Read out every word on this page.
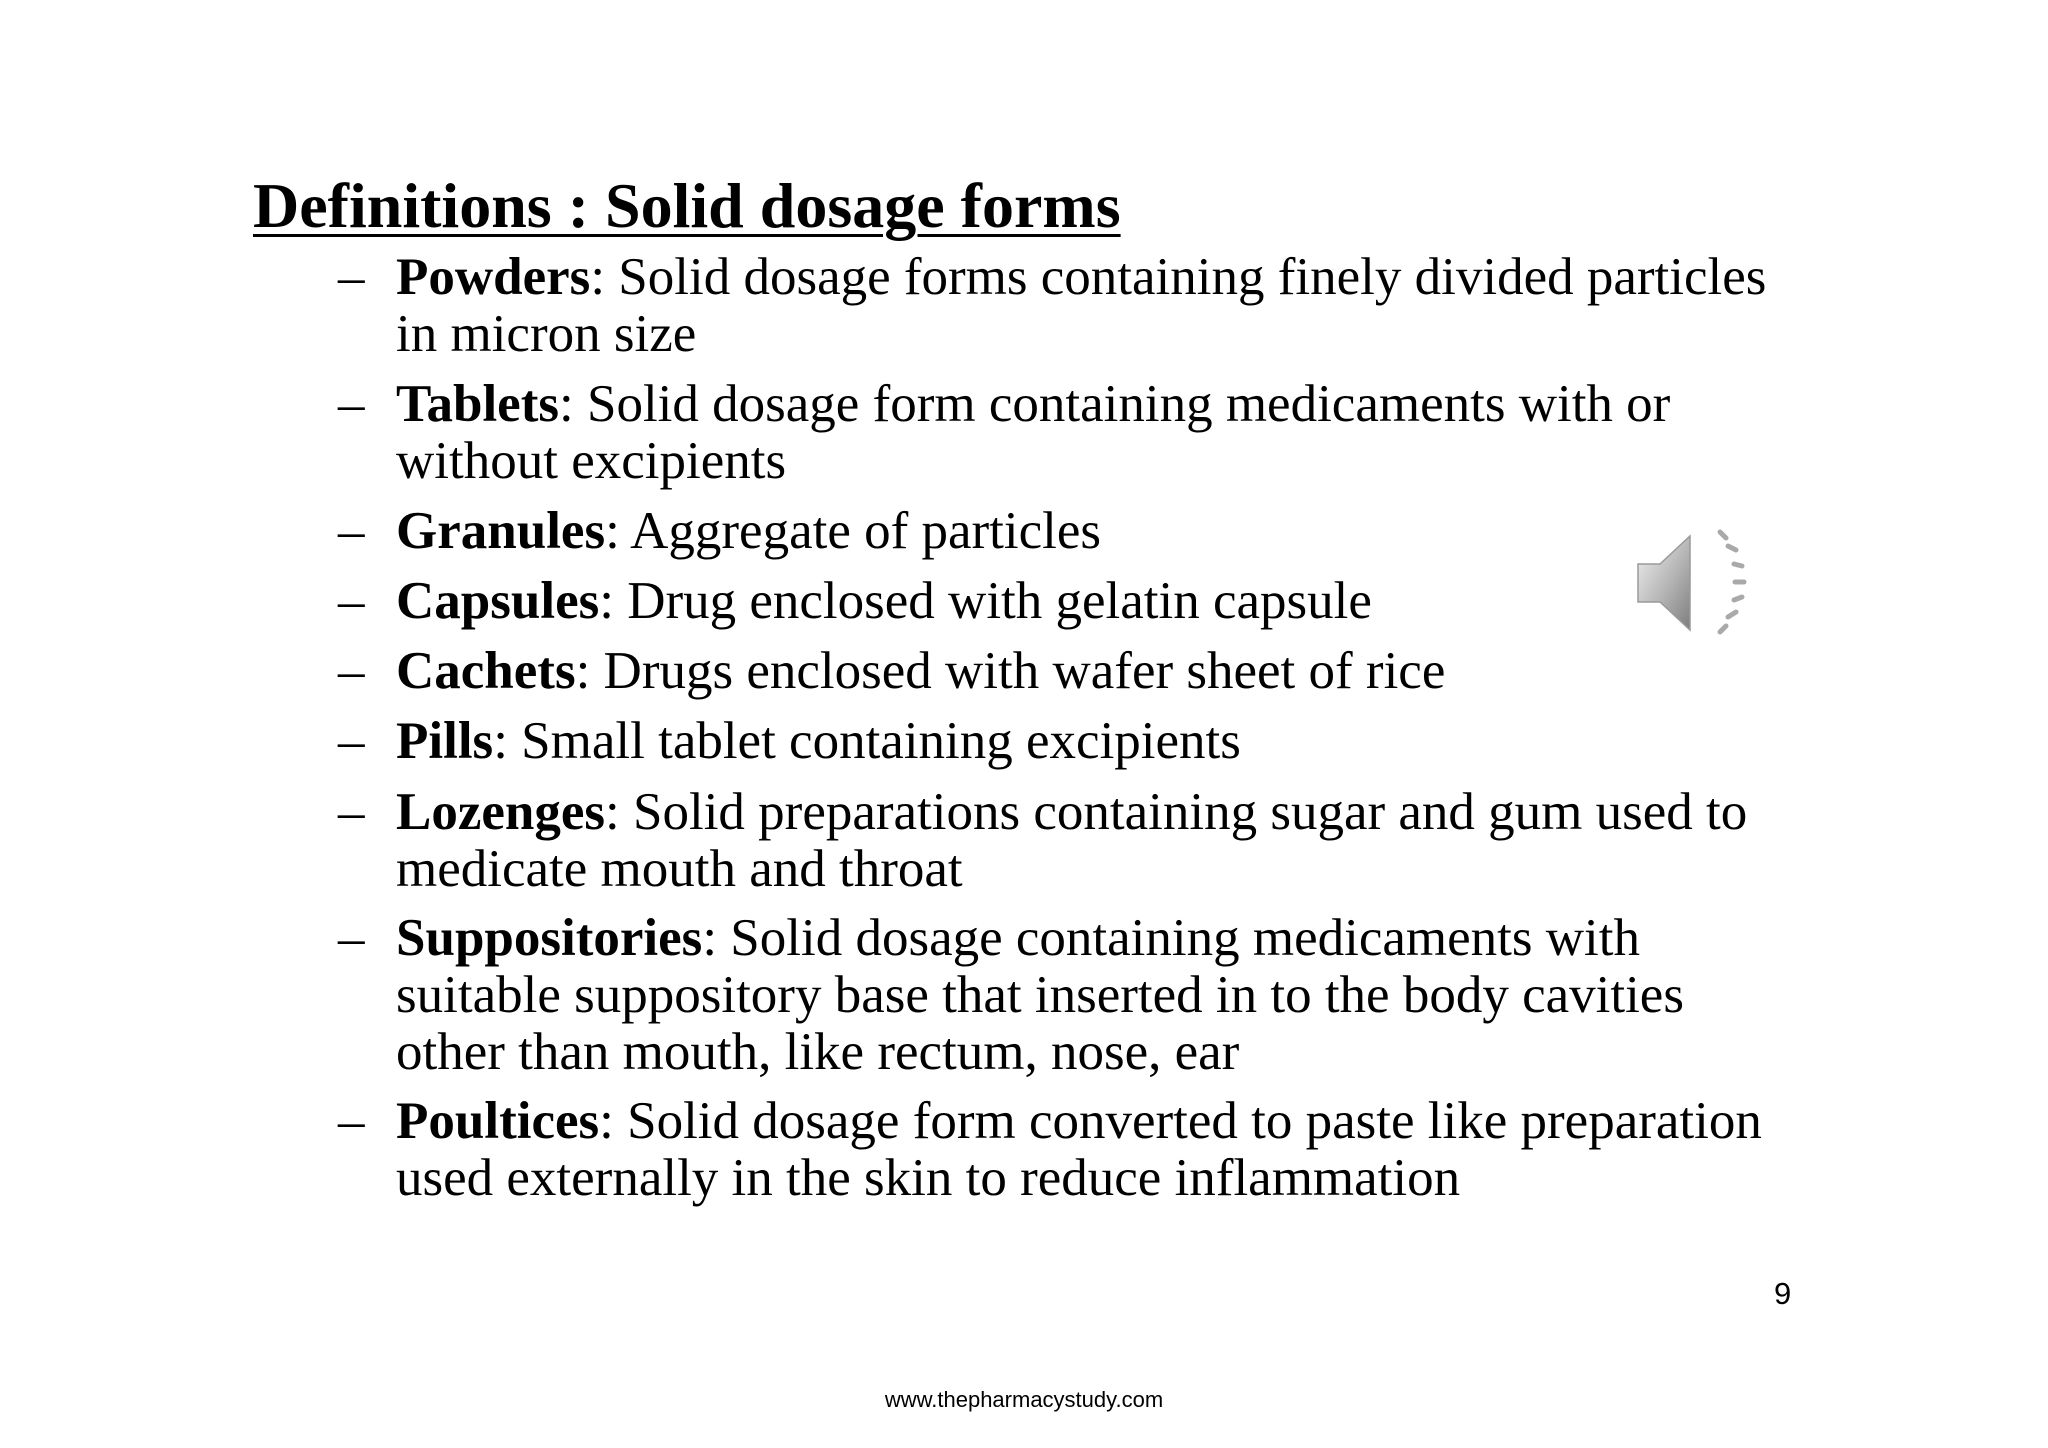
Definitions : Solid dosage forms
– Powders: Solid dosage forms containing finely divided particles in micron size
– Tablets: Solid dosage form containing medicaments with or without excipients
– Granules: Aggregate of particles
– Capsules: Drug enclosed with gelatin capsule
– Cachets: Drugs enclosed with wafer sheet of rice
– Pills: Small tablet containing excipients
– Lozenges: Solid preparations containing sugar and gum used to medicate mouth and throat
– Suppositories: Solid dosage containing medicaments with suitable suppository base that inserted in to the body cavities other than mouth, like rectum, nose, ear
– Poultices: Solid dosage form converted to paste like preparation used externally in the skin to reduce inflammation
9
www.thepharmacystudy.com
